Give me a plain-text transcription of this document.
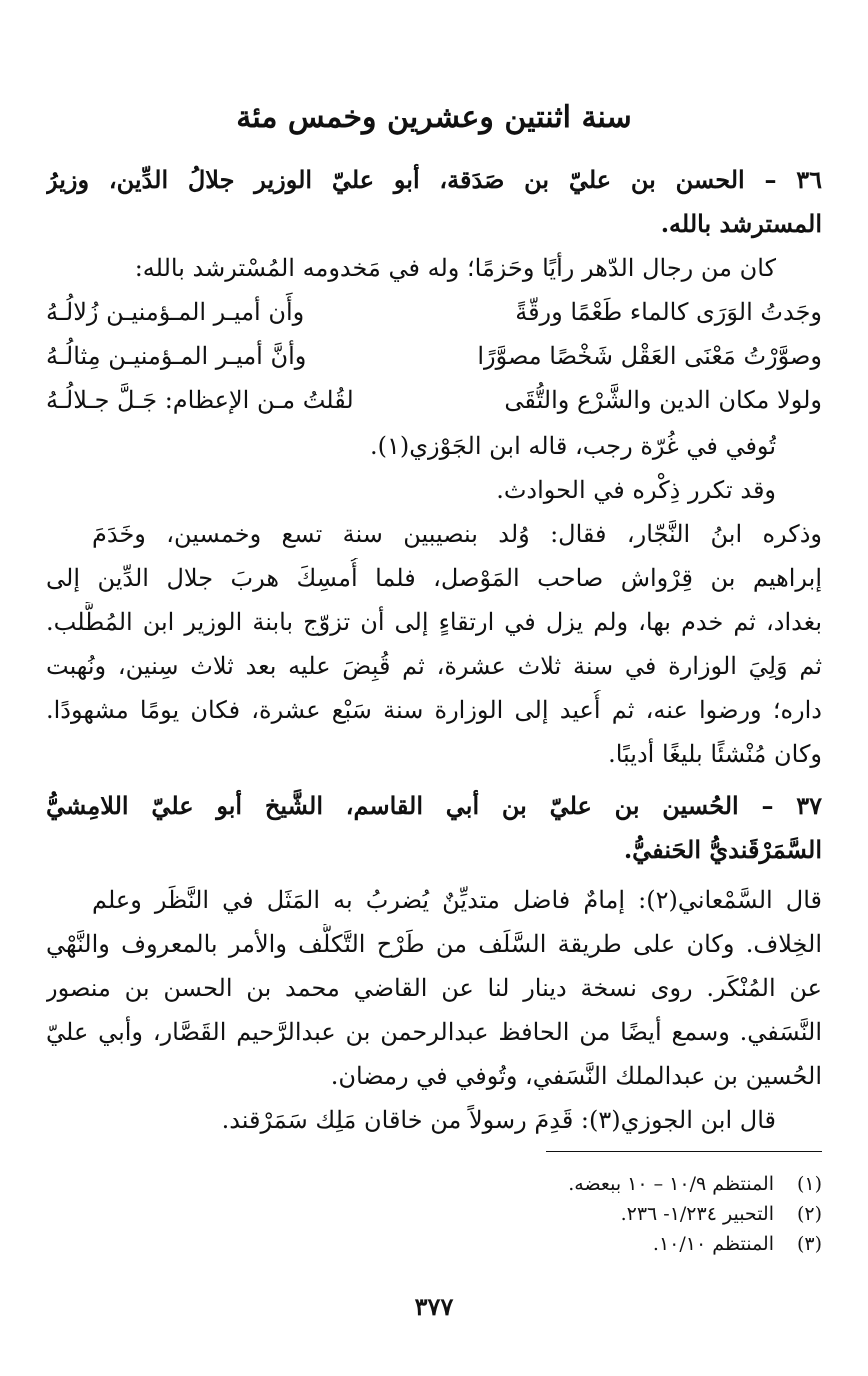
سنة اثنتين وعشرين وخمس مئة
٣٦ – الحسن بن عليّ بن صَدَقة، أبو عليّ الوزير جلالُ الدِّين، وزيرُ
المسترشد بالله.
كان من رجال الدّهر رأيًا وحَزمًا؛ وله في مَخدومه المُسْترشد بالله:
وجَدتُ الوَرَى كالماء طَعْمًا ورقّةً
وأَن أميـر المـؤمنيـن زُلالُـهُ
وصوَّرْتُ مَعْنَى العَقْل شَخْصًا مصوَّرًا
وأنَّ أميـر المـؤمنيـن مِثالُـهُ
ولولا مكان الدين والشَّرْع والتُّقَى
لقُلتُ مـن الإعظام: جَـلَّ جـلالُـهُ
تُوفي في غُرّة رجب، قاله ابن الجَوْزي(١).
وقد تكرر ذِكْره في الحوادث.
وذكره ابنُ النَّجّار، فقال: وُلد بنصيبين سنة تسع وخمسين، وخَدَمَ
إبراهيم بن قِرْواش صاحب المَوْصل، فلما أُمسِكَ هربَ جلال الدِّين إلى
بغداد، ثم خدم بها، ولم يزل في ارتقاءٍ إلى أن تزوّج بابنة الوزير ابن المُطَّلب.
ثم وَلِيَ الوزارة في سنة ثلاث عشرة، ثم قُبِضَ عليه بعد ثلاث سِنين، ونُهبت
داره؛ ورضوا عنه، ثم أُعيد إلى الوزارة سنة سَبْع عشرة، فكان يومًا مشهودًا.
وكان مُنْشئًا بليغًا أديبًا.
٣٧ – الحُسين بن عليّ بن أبي القاسم، الشَّيخ أبو عليّ اللامِشيُّ
السَّمَرْقَنديُّ الحَنفيُّ.
قال السَّمْعاني(٢): إمامٌ فاضل متديِّنٌ يُضربُ به المَثَل في النَّظَر وعلم
الخِلاف. وكان على طريقة السَّلَف من طَرْح التَّكلُّف والأمر بالمعروف والنَّهْي
عن المُنْكَر. روى نسخة دينار لنا عن القاضي محمد بن الحسن بن منصور
النَّسَفي. وسمع أيضًا من الحافظ عبدالرحمن بن عبدالرَّحيم القَصَّار، وأبي عليّ
الحُسين بن عبدالملك النَّسَفي، وتُوفي في رمضان.
قال ابن الجوزي(٣): قَدِمَ رسولاً من خاقان مَلِك سَمَرْقند.
(١)المنتظم ١٠/٩ – ١٠ ببعضه.
(٢)التحبير ١/٢٣٤- ٢٣٦.
(٣)المنتظم ١٠/١٠.
٣٧٧
